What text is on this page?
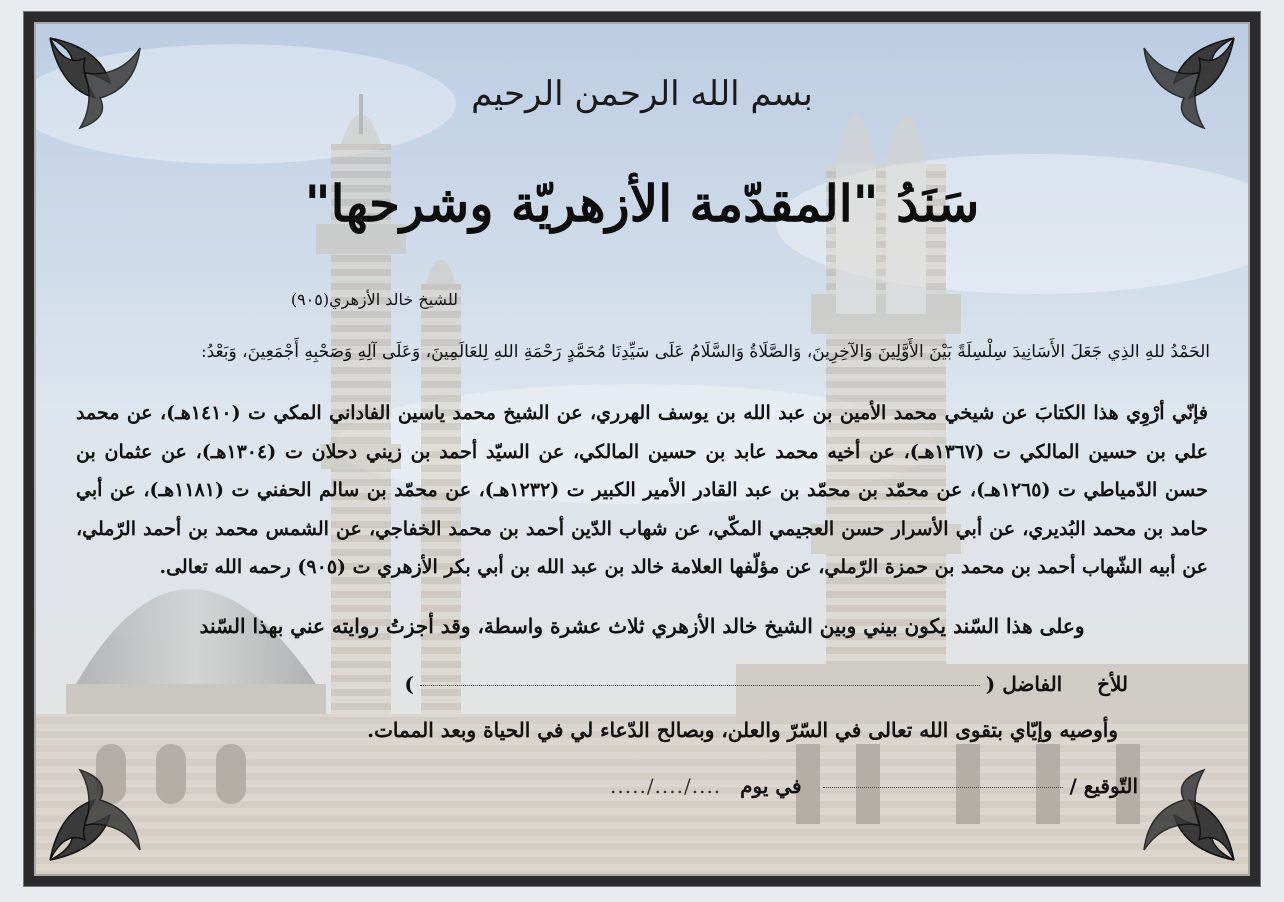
بسم الله الرحمن الرحيم
سَنَدُ "المقدّمة الأزهريّة وشرحها"
للشيخ خالد الأزهري(٩٠٥)
الحَمْدُ للهِ الذِي جَعَلَ الأَسَانِيدَ سِلْسِلَةً بَيْنَ الأَوَّلِينَ وَالآخِرِينَ، وَالصَّلَاةُ وَالسَّلَامُ عَلَى سَيِّدِنَا مُحَمَّدٍ رَحْمَةِ اللهِ لِلعَالَمِينَ، وَعَلَى آلِهِ وَصَحْبِهِ أَجْمَعِينَ، وَبَعْدُ:
فإنّي أرْوِي هذا الكتابَ عن شيخي محمد الأمين بن عبد الله بن يوسف الهرري، عن الشيخ محمد ياسين الفاداني المكي ت (١٤١٠هـ)، عن محمد علي بن حسين المالكي ت (١٣٦٧هـ)، عن أخيه محمد عابد بن حسين المالكي، عن السيّد أحمد بن زيني دحلان ت (١٣٠٤هـ)، عن عثمان بن حسن الدّمياطي ت (١٢٦٥هـ)، عن محمّد بن محمّد بن عبد القادر الأمير الكبير ت (١٢٣٢هـ)، عن محمّد بن سالم الحفني ت (١١٨١هـ)، عن أبي حامد بن محمد البُديري، عن أبي الأسرار حسن العجيمي المكّي، عن شهاب الدّين أحمد بن محمد الخفاجي، عن الشمس محمد بن أحمد الرّملي، عن أبيه الشّهاب أحمد بن محمد بن حمزة الرّملي، عن مؤلّفها العلامة خالد بن عبد الله بن أبي بكر الأزهري ت (٩٠٥) رحمه الله تعالى.
وعلى هذا السّند يكون بيني وبين الشيخ خالد الأزهري ثلاث عشرة واسطة، وقد أجزتُ روايته عني بهذا السّند
للأخ     الفاضل ()
وأوصيه وإيّاي بتقوى الله تعالى في السّرّ والعلن، وبصالح الدّعاء لي في الحياة وبعد الممات.
التّوقيع /    في يوم ..../..../.....
